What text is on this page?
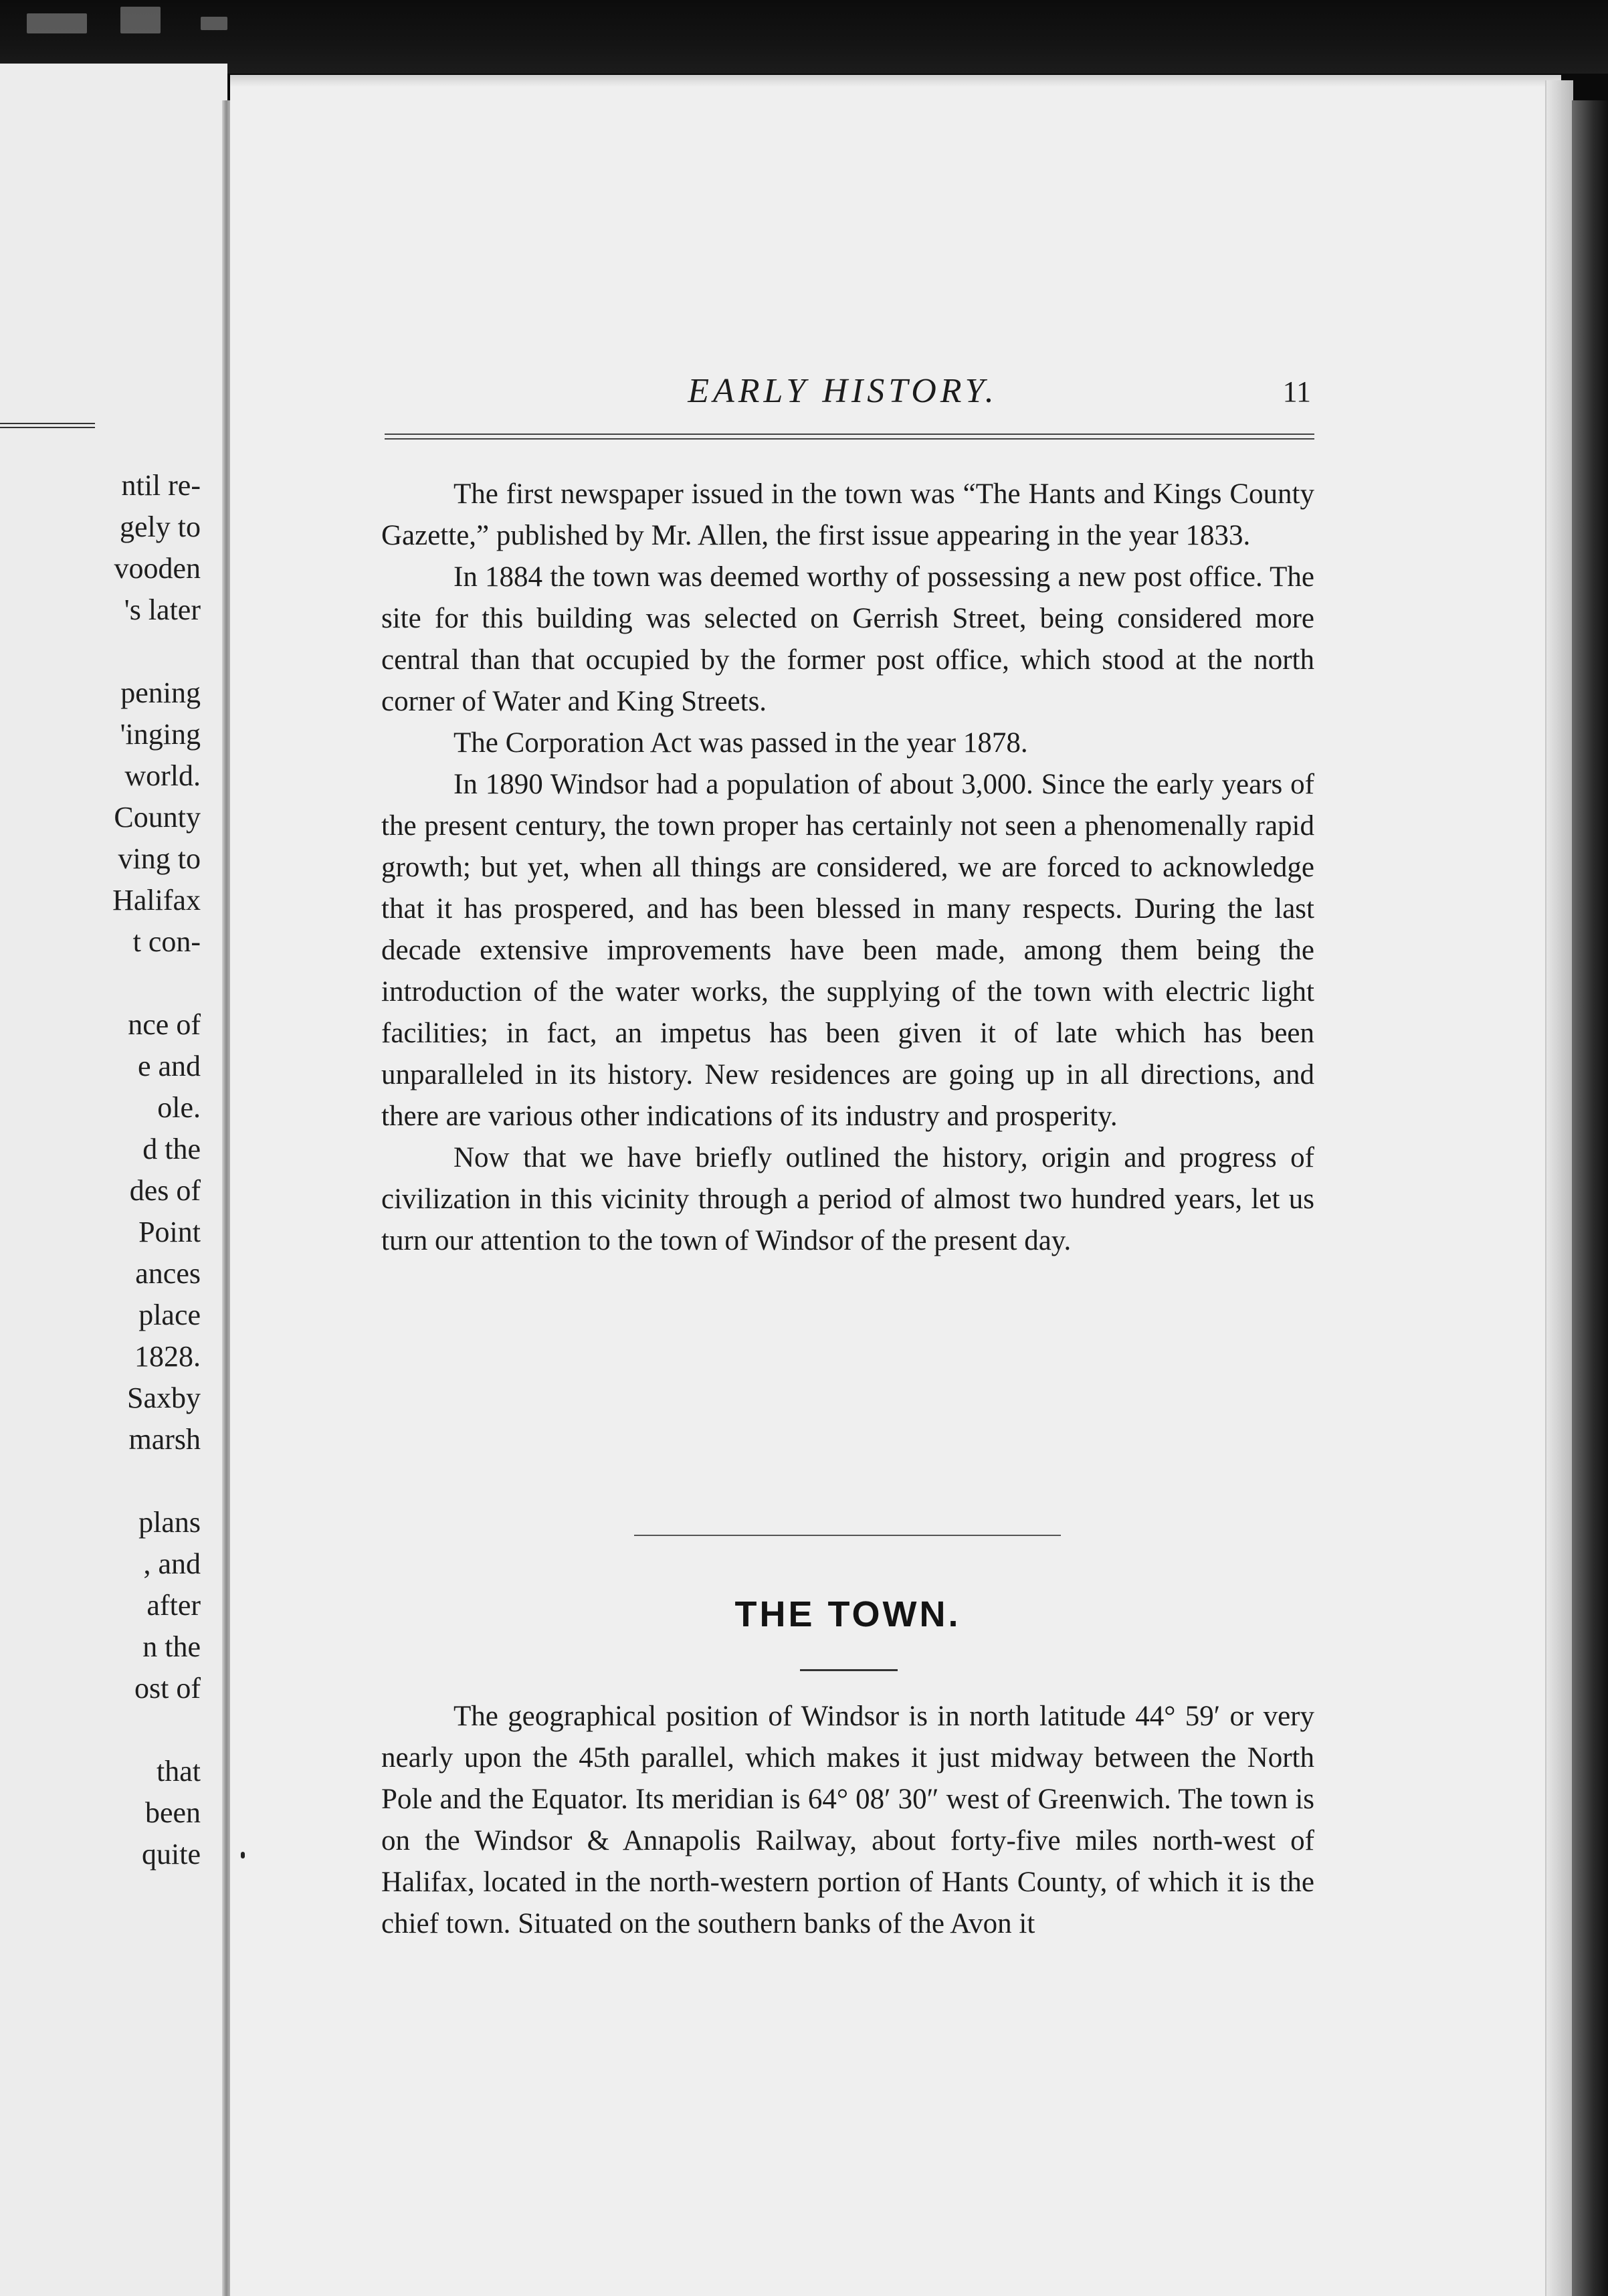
ntil re-
gely to
vooden
's later
pening
'inging
world.
County
ving to
Halifax
t con-
nce of
e and
ole.
d the
des of
Point
ances
place
1828.
Saxby
marsh
plans
, and
after
n the
ost of
that
been
quite
EARLY HISTORY.	11

The first newspaper issued in the town was “The Hants and Kings County Gazette,” published by Mr. Allen, the first issue appearing in the year 1833.

In 1884 the town was deemed worthy of possessing a new post office. The site for this building was selected on Gerrish Street, being considered more central than that occupied by the former post office, which stood at the north corner of Water and King Streets.

The Corporation Act was passed in the year 1878.

In 1890 Windsor had a population of about 3,000. Since the early years of the present century, the town proper has certainly not seen a phenomenally rapid growth; but yet, when all things are considered, we are forced to acknowledge that it has prospered, and has been blessed in many respects. During the last decade extensive improvements have been made, among them being the introduction of the water works, the supplying of the town with electric light facilities; in fact, an impetus has been given it of late which has been unparalleled in its history. New residences are going up in all directions, and there are various other indications of its industry and prosperity.

Now that we have briefly outlined the history, origin and progress of civilization in this vicinity through a period of almost two hundred years, let us turn our attention to the town of Windsor of the present day.

THE TOWN.

The geographical position of Windsor is in north latitude 44° 59′ or very nearly upon the 45th parallel, which makes it just midway between the North Pole and the Equator. Its meridian is 64° 08′ 30″ west of Greenwich. The town is on the Windsor & Annapolis Railway, about forty-five miles north-west of Halifax, located in the north-western portion of Hants County, of which it is the chief town. Situated on the southern banks of the Avon it
